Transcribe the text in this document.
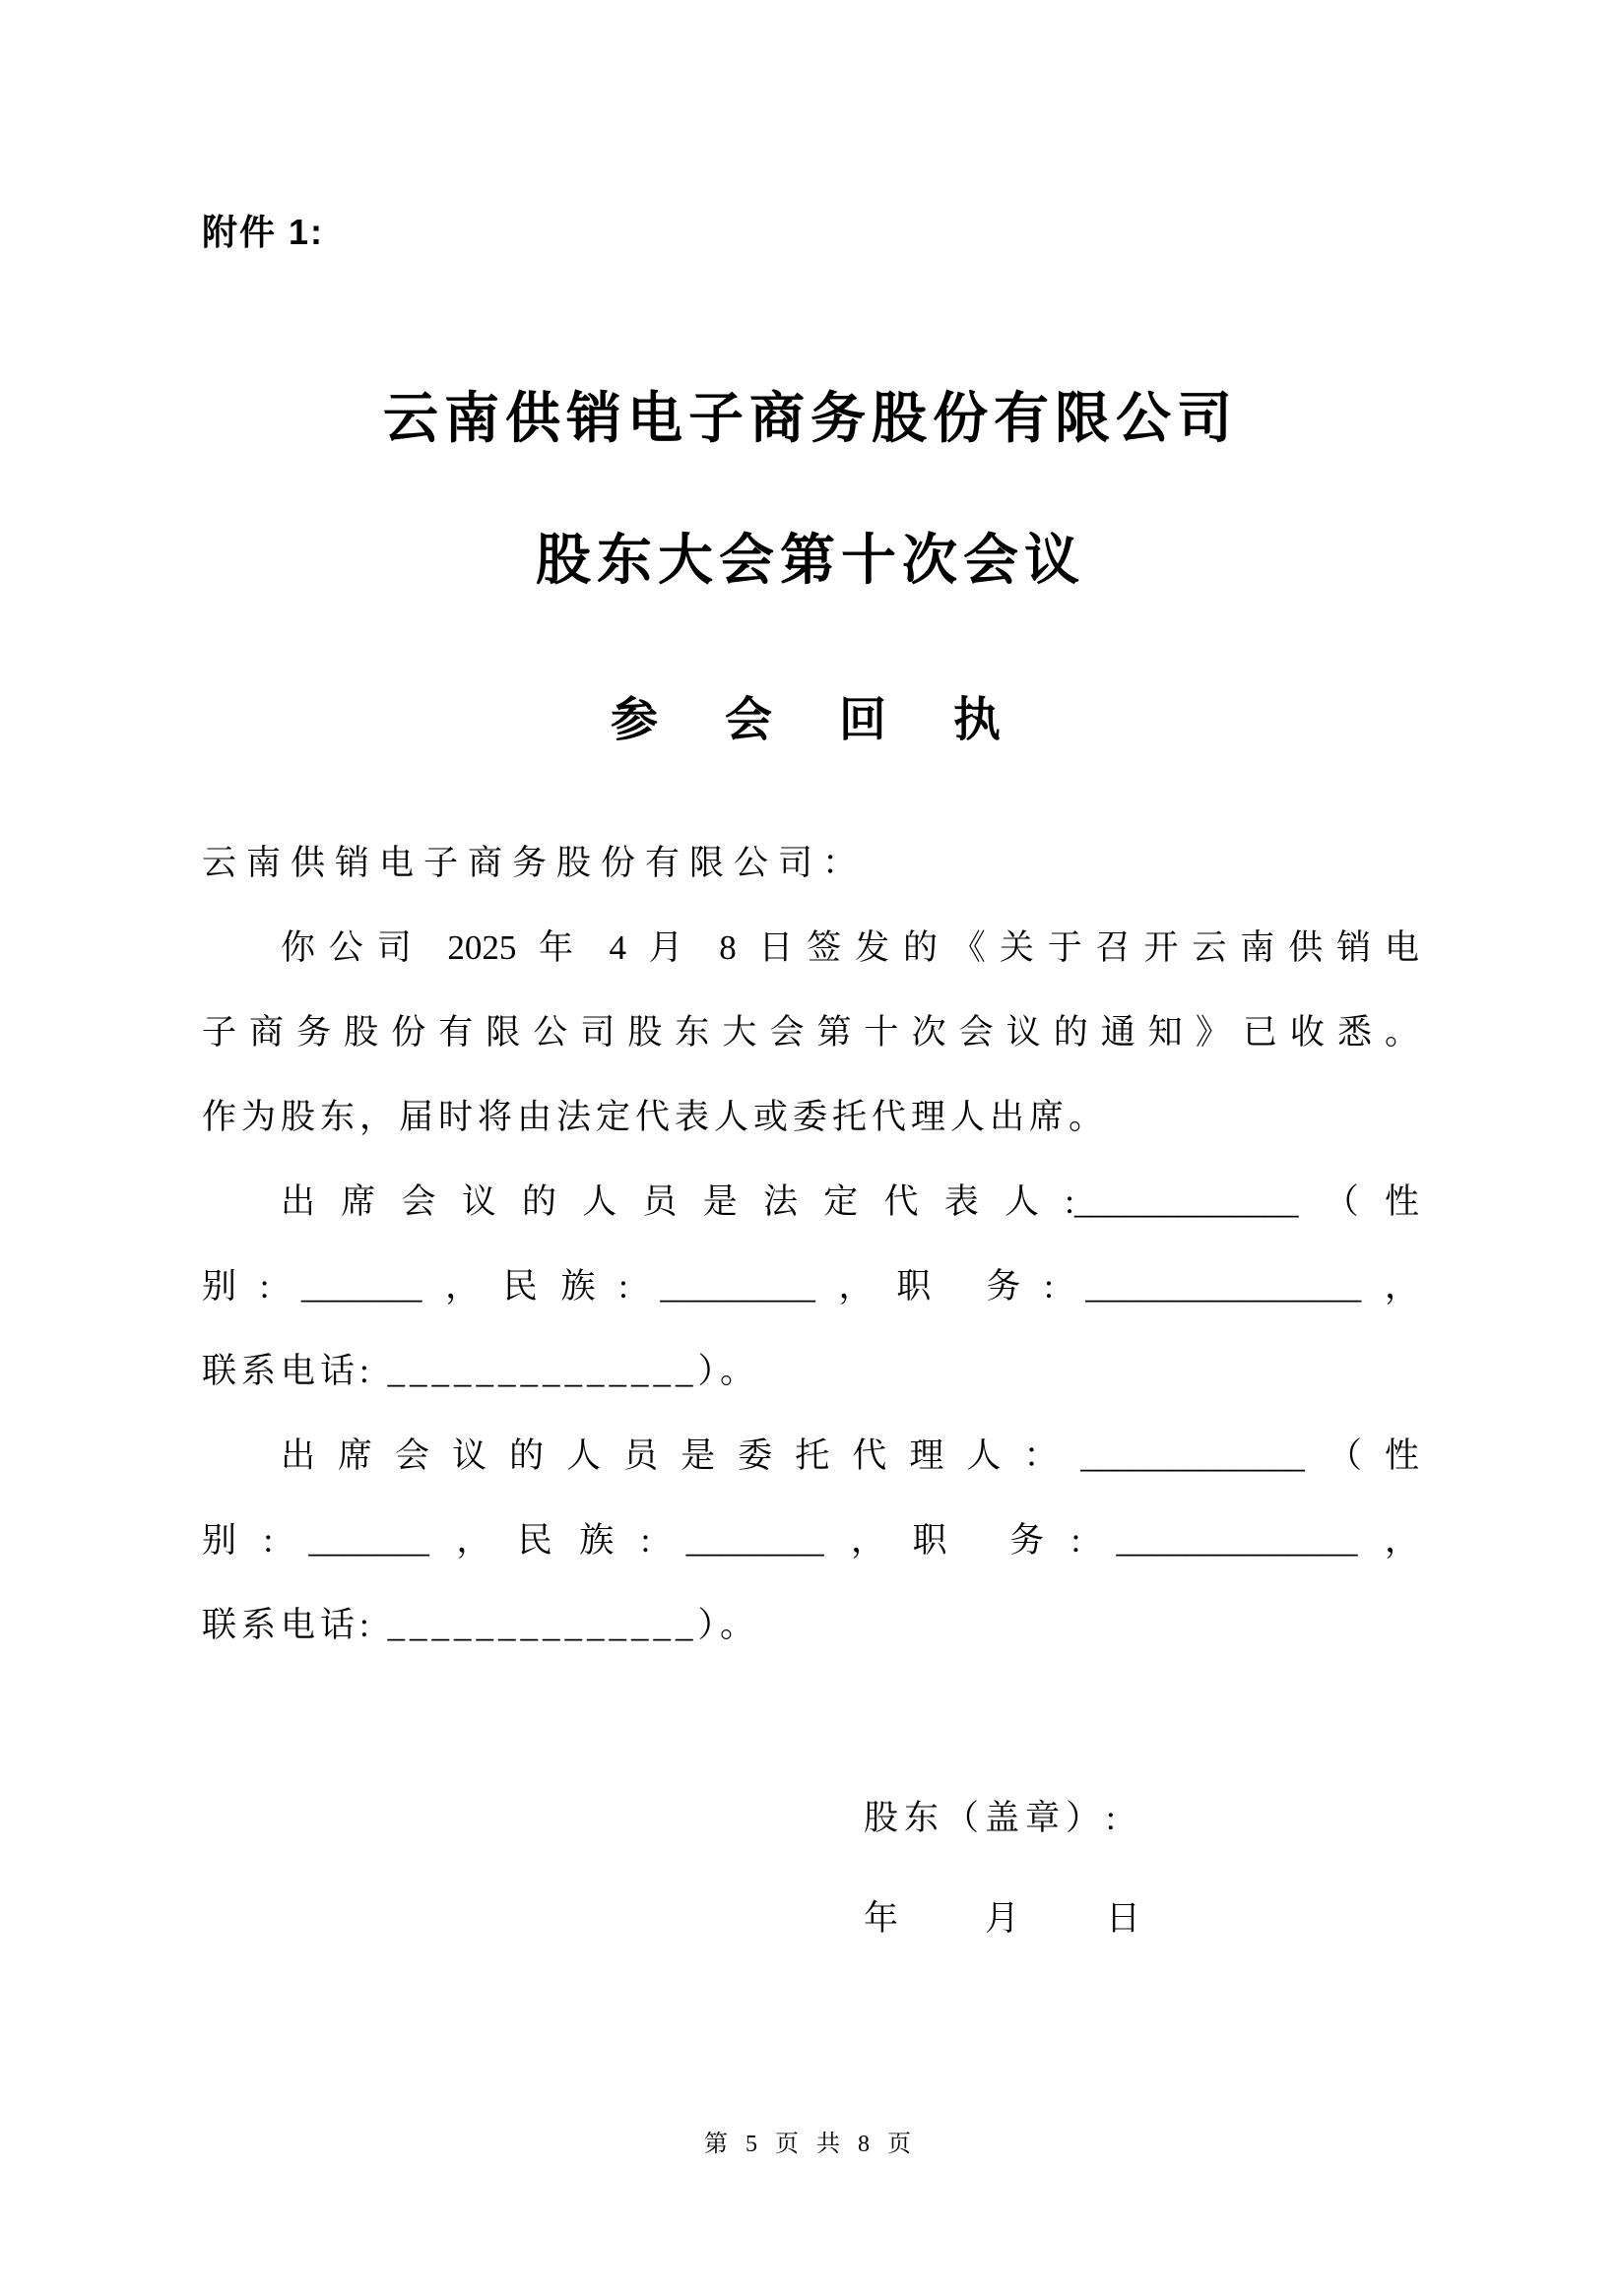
附件 1:
云南供销电子商务股份有限公司
股东大会第十次会议
参　会　回　执
云南供销电子商务股份有限公司：
你公司 2025 年 4 月 8 日签发的《关于召开云南供销电
子商务股份有限公司股东大会第十次会议的通知》已收悉。
作为股东，届时将由法定代表人或委托代理人出席。
出席会议的人员是法定代表人:_____________（性
别: _______，民族: _________，职 务: ________________，
联系电话: ______________）。
出席会议的人员是委托代理人：_____________（性
别: _______，民族: ________，职 务: ______________，
联系电话: ______________）。
股东（盖章）:
年　　月　　日
第 5 页 共 8 页
